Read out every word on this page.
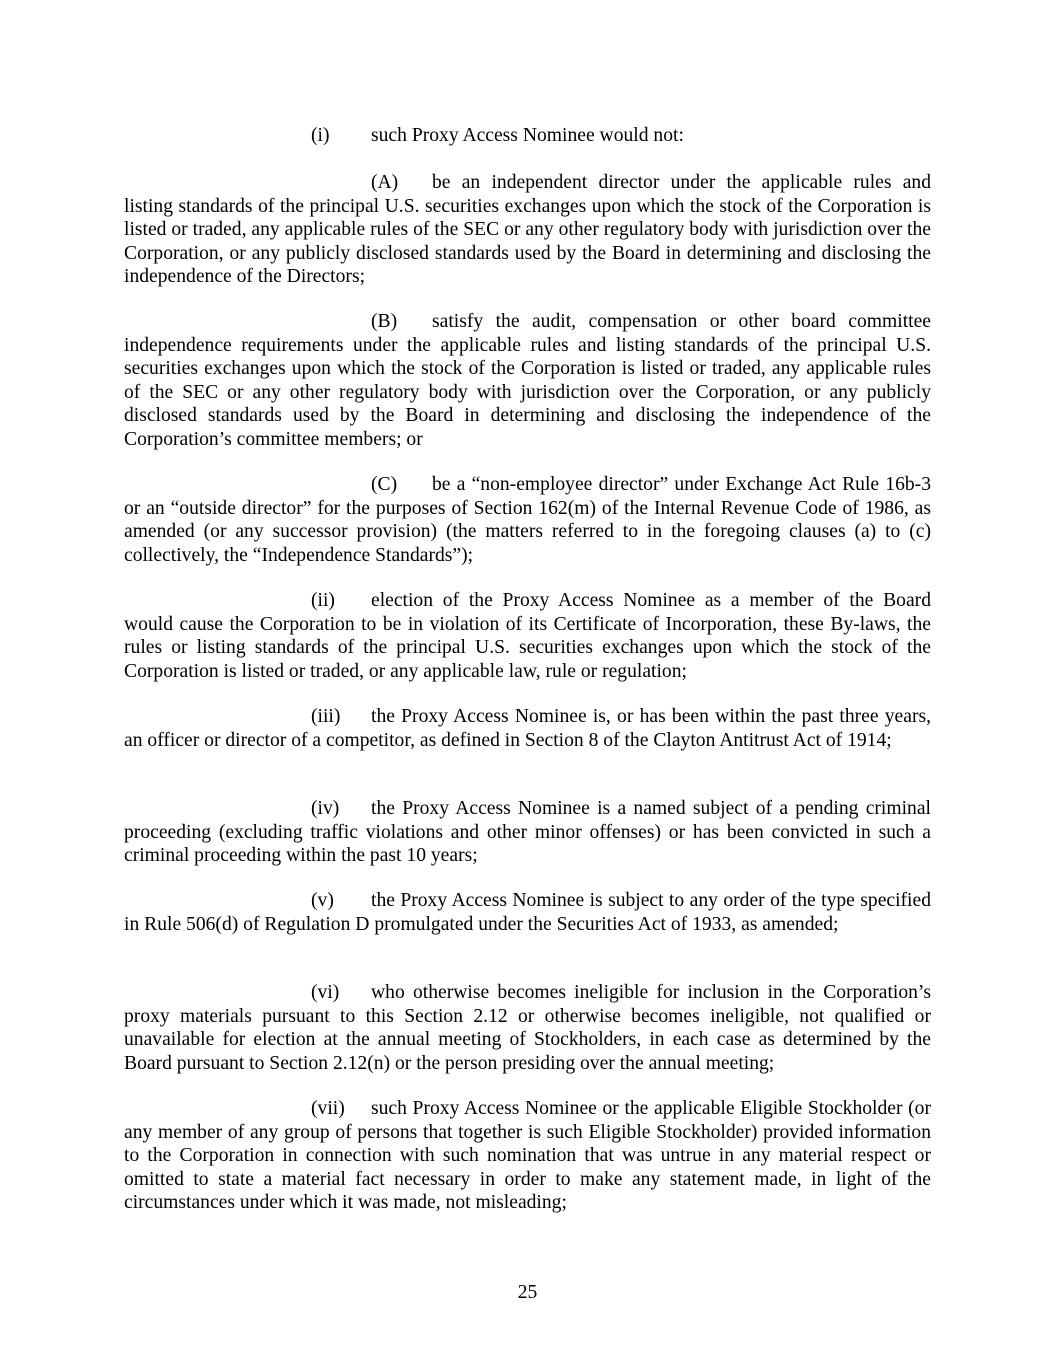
(i) such Proxy Access Nominee would not:

(A) be an independent director under the applicable rules and listing standards of the principal U.S. securities exchanges upon which the stock of the Corporation is listed or traded, any applicable rules of the SEC or any other regulatory body with jurisdiction over the Corporation, or any publicly disclosed standards used by the Board in determining and disclosing the independence of the Directors;

(B) satisfy the audit, compensation or other board committee independence requirements under the applicable rules and listing standards of the principal U.S. securities exchanges upon which the stock of the Corporation is listed or traded, any applicable rules of the SEC or any other regulatory body with jurisdiction over the Corporation, or any publicly disclosed standards used by the Board in determining and disclosing the independence of the Corporation’s committee members; or

(C) be a “non-employee director” under Exchange Act Rule 16b-3 or an “outside director” for the purposes of Section 162(m) of the Internal Revenue Code of 1986, as amended (or any successor provision) (the matters referred to in the foregoing clauses (a) to (c) collectively, the “Independence Standards”);

(ii) election of the Proxy Access Nominee as a member of the Board would cause the Corporation to be in violation of its Certificate of Incorporation, these By-laws, the rules or listing standards of the principal U.S. securities exchanges upon which the stock of the Corporation is listed or traded, or any applicable law, rule or regulation;

(iii) the Proxy Access Nominee is, or has been within the past three years, an officer or director of a competitor, as defined in Section 8 of the Clayton Antitrust Act of 1914;

(iv) the Proxy Access Nominee is a named subject of a pending criminal proceeding (excluding traffic violations and other minor offenses) or has been convicted in such a criminal proceeding within the past 10 years;

(v) the Proxy Access Nominee is subject to any order of the type specified in Rule 506(d) of Regulation D promulgated under the Securities Act of 1933, as amended;

(vi) who otherwise becomes ineligible for inclusion in the Corporation’s proxy materials pursuant to this Section 2.12 or otherwise becomes ineligible, not qualified or unavailable for election at the annual meeting of Stockholders, in each case as determined by the Board pursuant to Section 2.12(n) or the person presiding over the annual meeting;

(vii) such Proxy Access Nominee or the applicable Eligible Stockholder (or any member of any group of persons that together is such Eligible Stockholder) provided information to the Corporation in connection with such nomination that was untrue in any material respect or omitted to state a material fact necessary in order to make any statement made, in light of the circumstances under which it was made, not misleading;

25
